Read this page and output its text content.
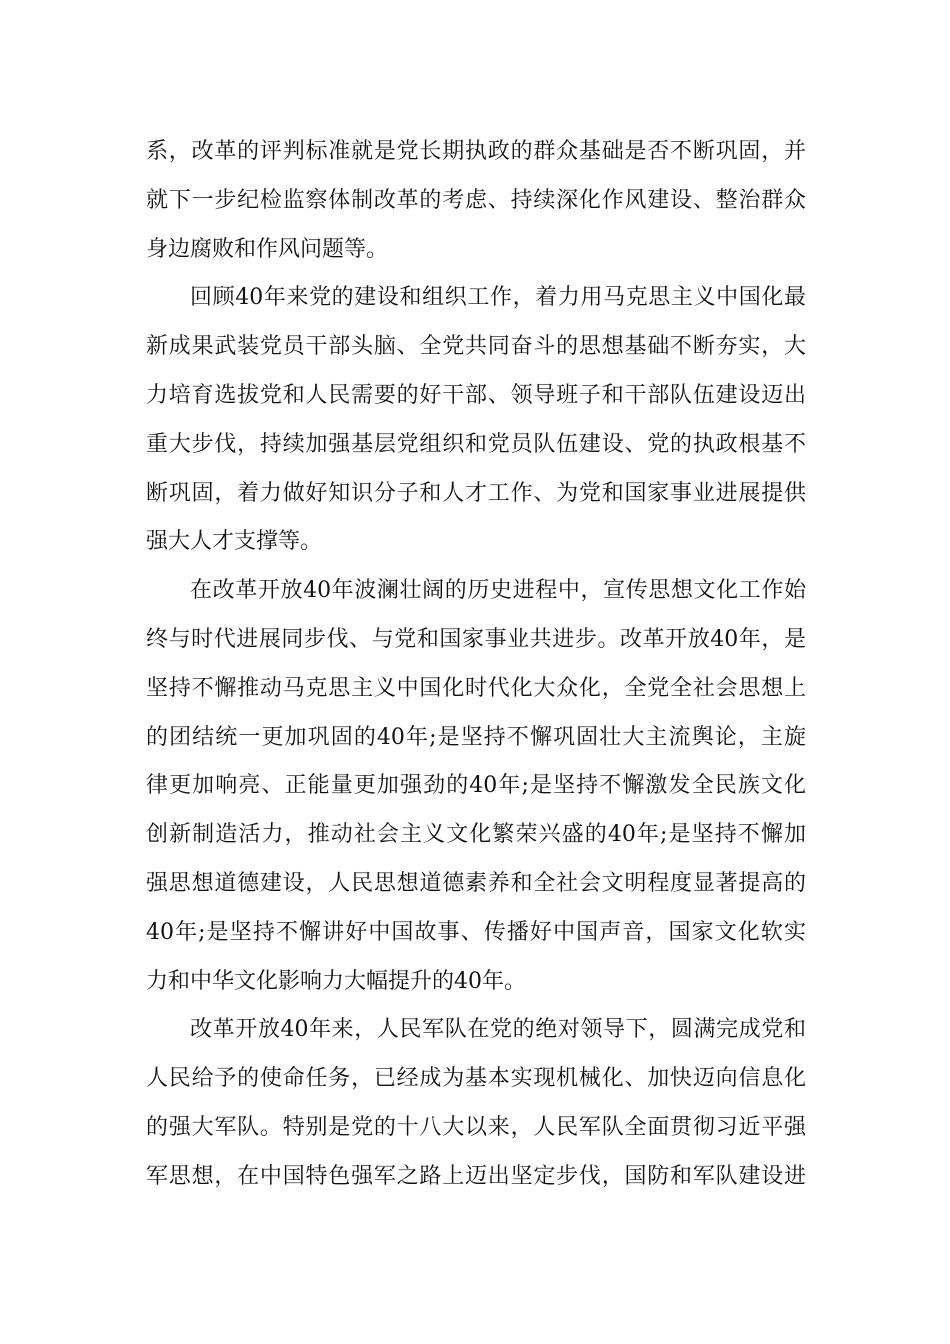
系，改革的评判标准就是党长期执政的群众基础是否不断巩固，并
就下一步纪检监察体制改革的考虑、持续深化作风建设、整治群众
身边腐败和作风问题等。
回顾40年来党的建设和组织工作，着力用马克思主义中国化最
新成果武装党员干部头脑、全党共同奋斗的思想基础不断夯实，大
力培育选拔党和人民需要的好干部、领导班子和干部队伍建设迈出
重大步伐，持续加强基层党组织和党员队伍建设、党的执政根基不
断巩固，着力做好知识分子和人才工作、为党和国家事业进展提供
强大人才支撑等。
在改革开放40年波澜壮阔的历史进程中，宣传思想文化工作始
终与时代进展同步伐、与党和国家事业共进步。改革开放40年，是
坚持不懈推动马克思主义中国化时代化大众化，全党全社会思想上
的团结统一更加巩固的40年;是坚持不懈巩固壮大主流舆论，主旋
律更加响亮、正能量更加强劲的40年;是坚持不懈激发全民族文化
创新制造活力，推动社会主义文化繁荣兴盛的40年;是坚持不懈加
强思想道德建设，人民思想道德素养和全社会文明程度显著提高的
40年;是坚持不懈讲好中国故事、传播好中国声音，国家文化软实
力和中华文化影响力大幅提升的40年。
改革开放40年来，人民军队在党的绝对领导下，圆满完成党和
人民给予的使命任务，已经成为基本实现机械化、加快迈向信息化
的强大军队。特别是党的十八大以来，人民军队全面贯彻习近平强
军思想，在中国特色强军之路上迈出坚定步伐，国防和军队建设进
